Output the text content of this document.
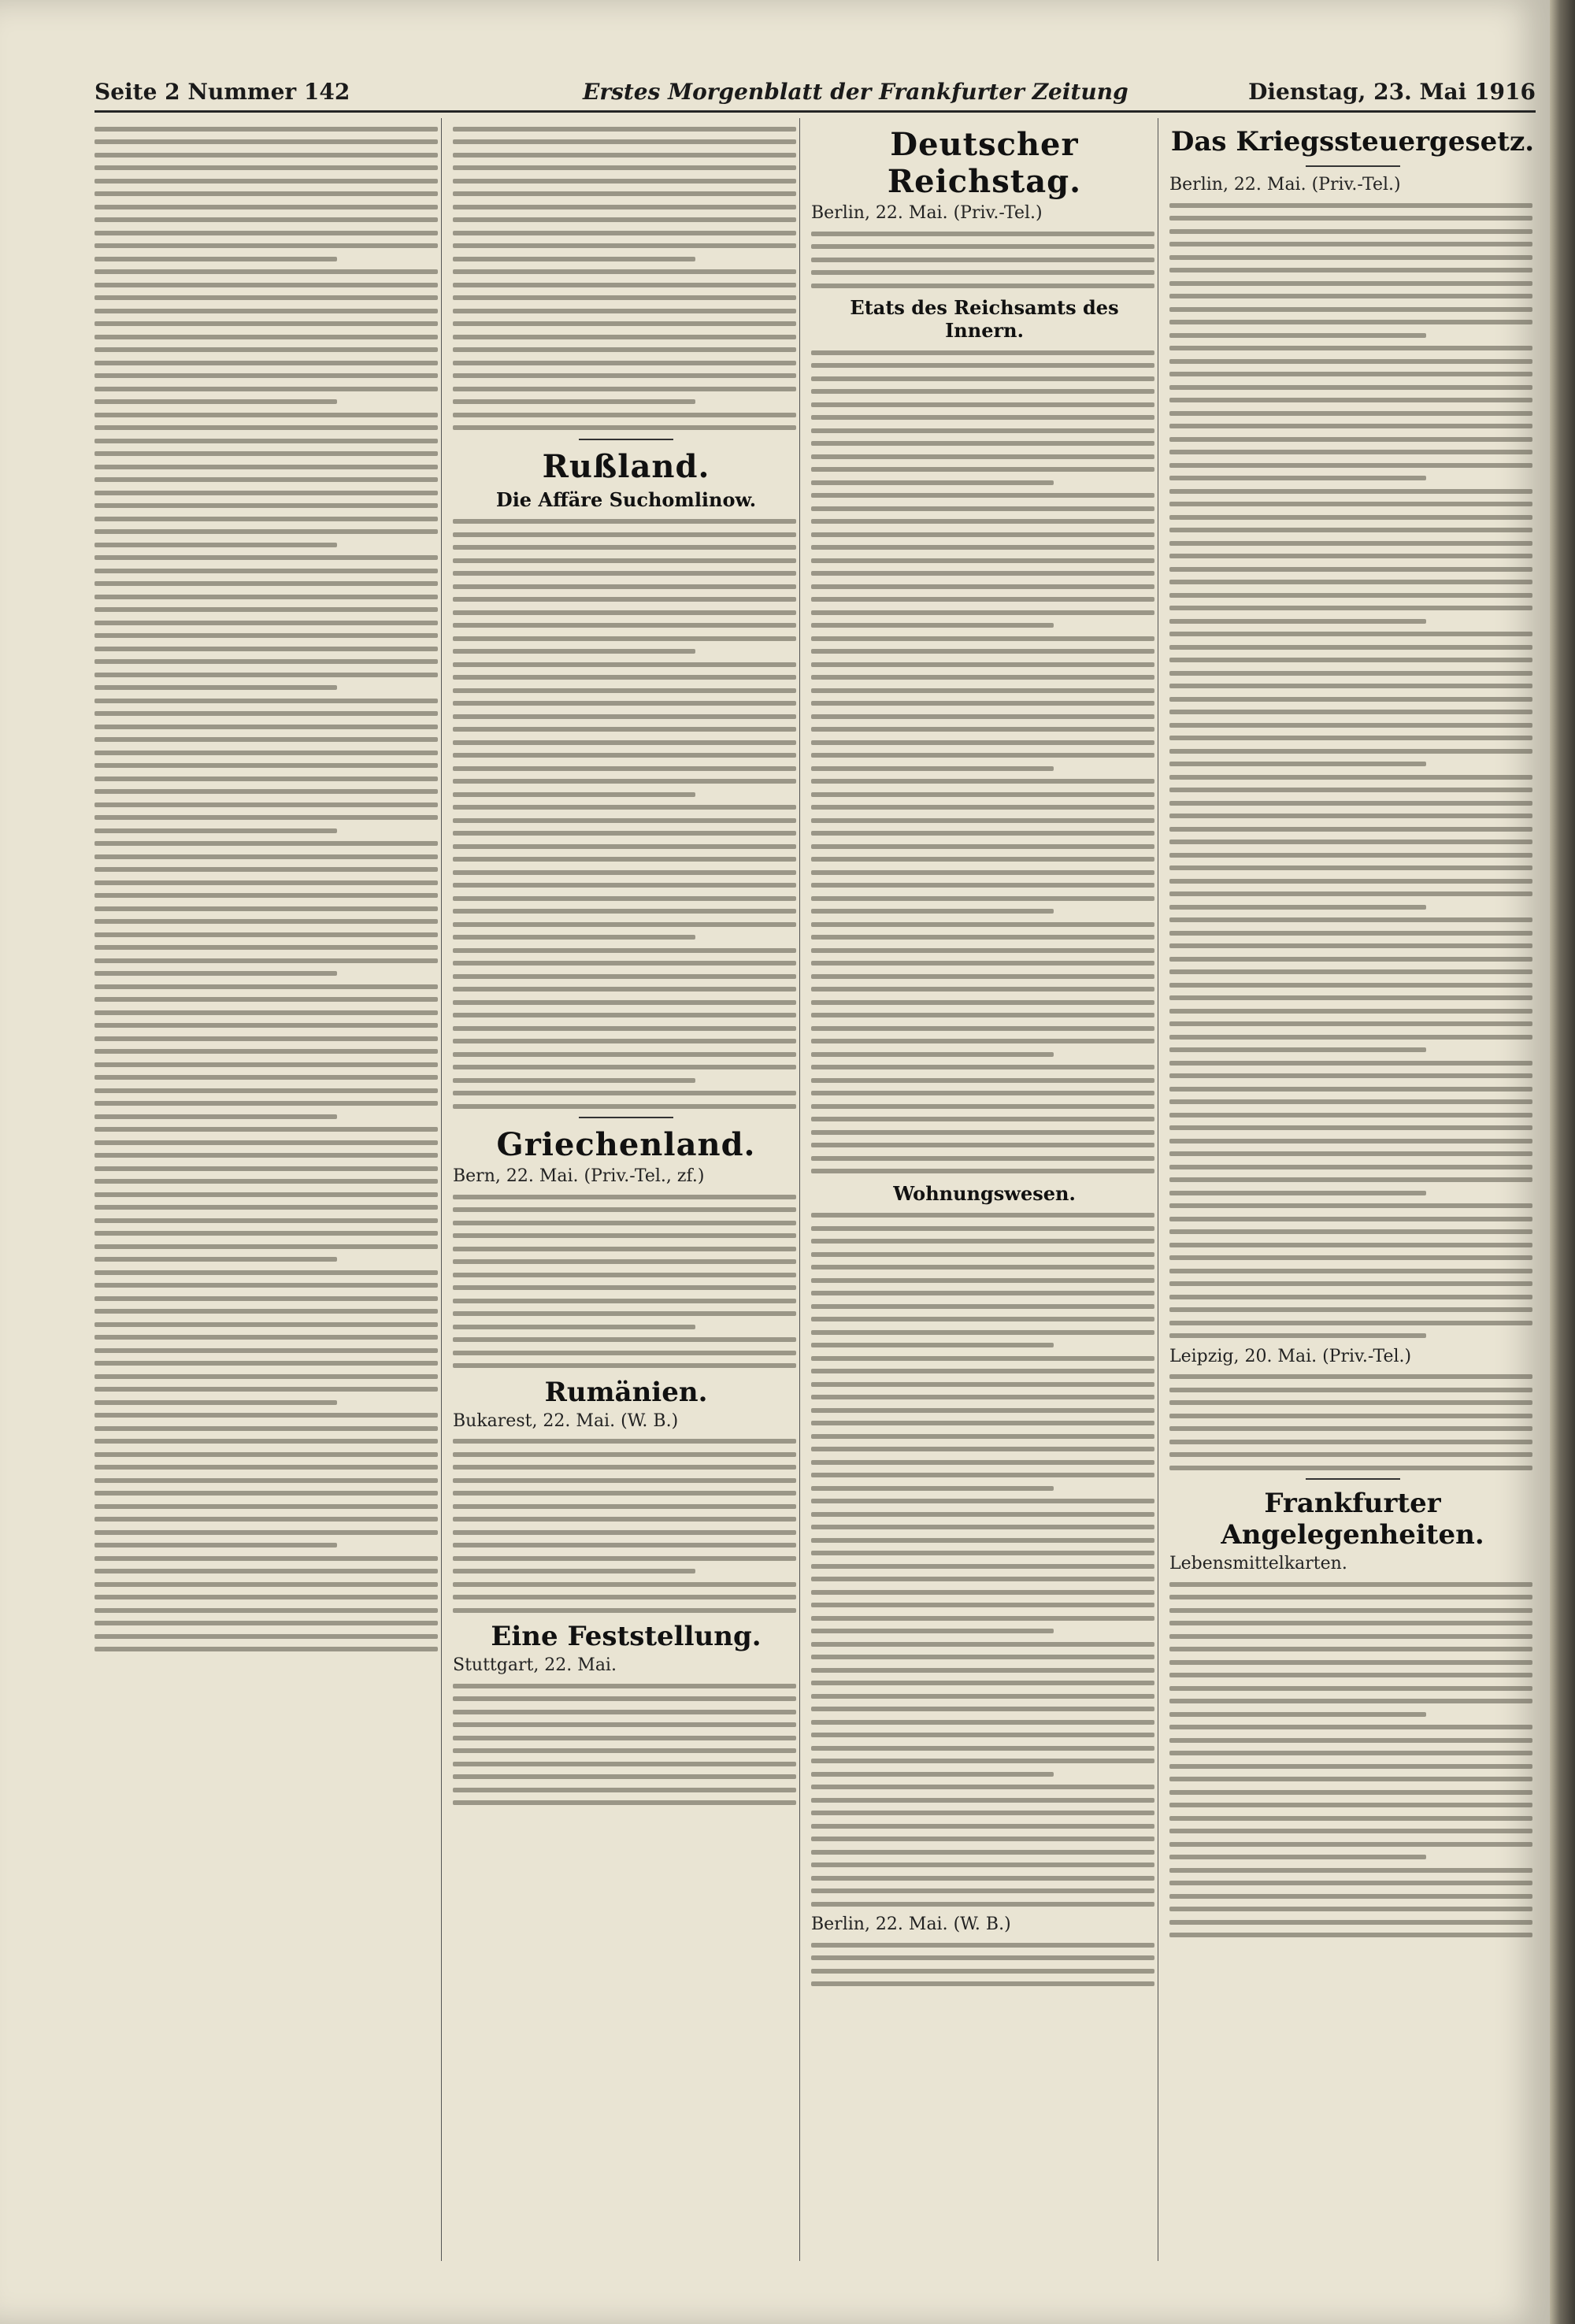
Seite 2 Nummer 142	Erstes Morgenblatt der Frankfurter Zeitung	Dienstag, 23. Mai 1916
Rußland.
Die Affäre Suchomlinow.
Griechenland.
Bern, 22. Mai. (Priv.-Tel., zf.)
Rumänien.
Bukarest, 22. Mai. (W. B.)
Eine Feststellung.
Stuttgart, 22. Mai.
Deutscher Reichstag.
Berlin, 22. Mai. (Priv.-Tel.)
Etats des Reichsamts des Innern.
Wohnungswesen.
Berlin, 22. Mai. (W. B.)
Das Kriegssteuergesetz.
Berlin, 22. Mai. (Priv.-Tel.)
Leipzig, 20. Mai. (Priv.-Tel.)
Frankfurter Angelegenheiten.
Lebensmittelkarten.
